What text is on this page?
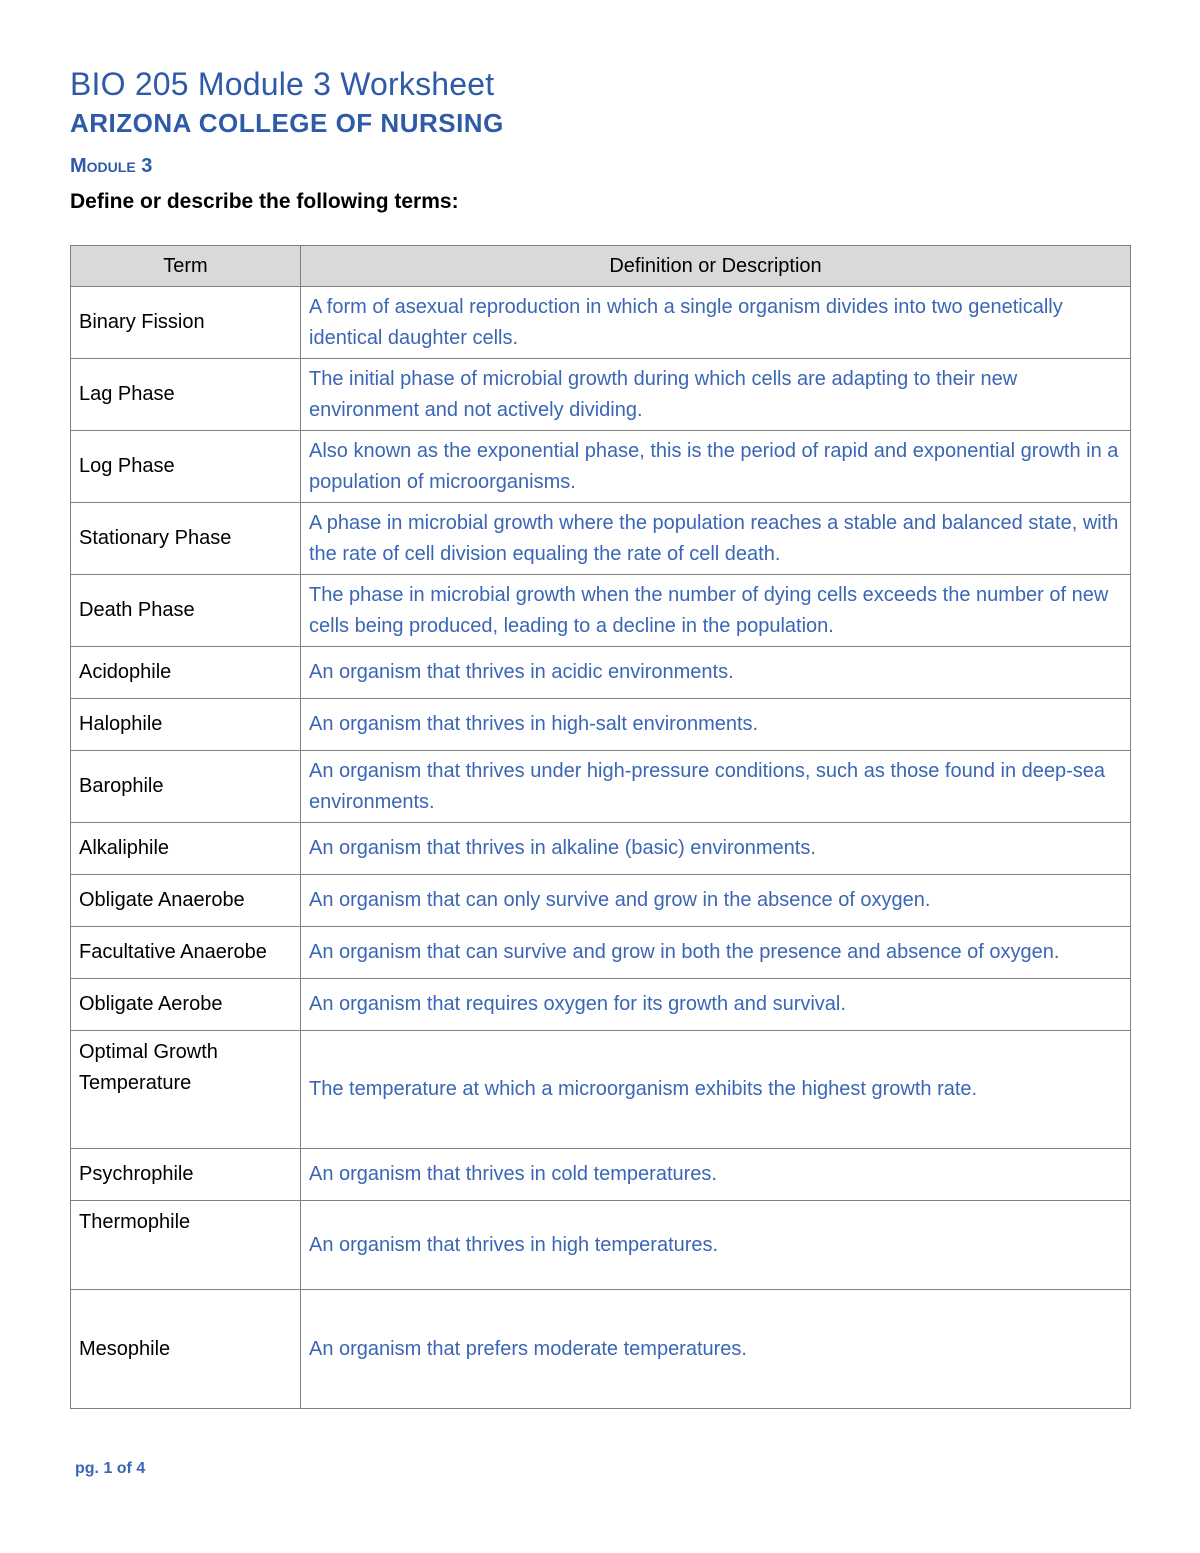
BIO 205 Module 3 Worksheet
ARIZONA COLLEGE OF NURSING
Module 3

Define or describe the following terms:

Term	Definition or Description
Binary Fission	A form of asexual reproduction in which a single organism divides into two genetically identical daughter cells.
Lag Phase	The initial phase of microbial growth during which cells are adapting to their new environment and not actively dividing.
Log Phase	Also known as the exponential phase, this is the period of rapid and exponential growth in a population of microorganisms.
Stationary Phase	A phase in microbial growth where the population reaches a stable and balanced state, with the rate of cell division equaling the rate of cell death.
Death Phase	The phase in microbial growth when the number of dying cells exceeds the number of new cells being produced, leading to a decline in the population.
Acidophile	An organism that thrives in acidic environments.
Halophile	An organism that thrives in high-salt environments.
Barophile	An organism that thrives under high-pressure conditions, such as those found in deep-sea environments.
Alkaliphile	An organism that thrives in alkaline (basic) environments.
Obligate Anaerobe	An organism that can only survive and grow in the absence of oxygen.
Facultative Anaerobe	An organism that can survive and grow in both the presence and absence of oxygen.
Obligate Aerobe	An organism that requires oxygen for its growth and survival.
Optimal Growth Temperature	The temperature at which a microorganism exhibits the highest growth rate.
Psychrophile	An organism that thrives in cold temperatures.
Thermophile	An organism that thrives in high temperatures.
Mesophile	An organism that prefers moderate temperatures.

pg. 1 of 4
